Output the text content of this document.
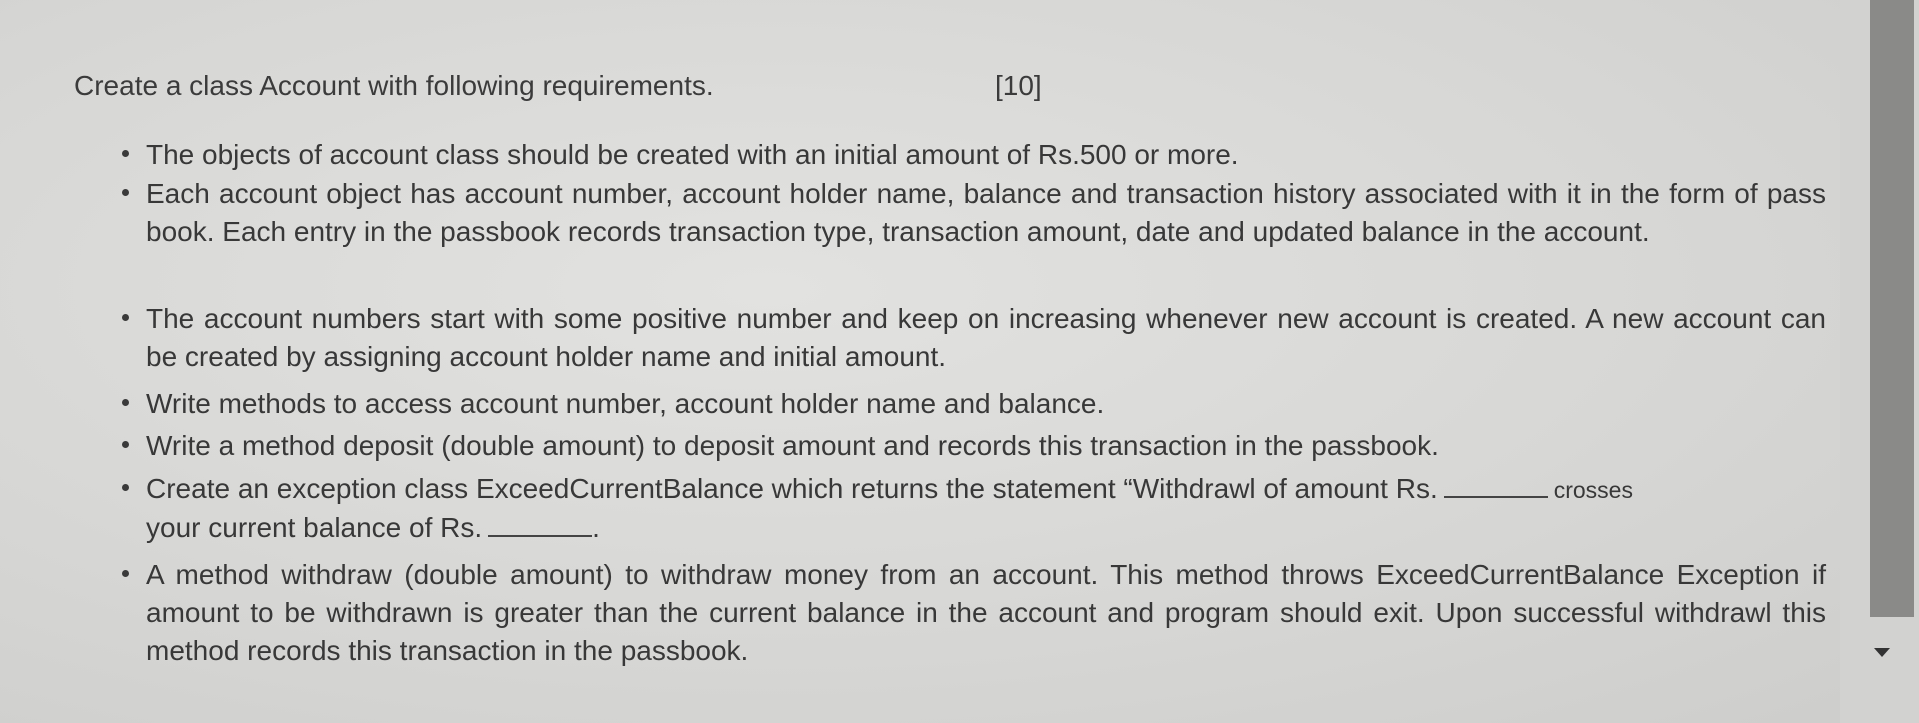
Create a class Account with following requirements.	[10]
The objects of account class should be created with an initial amount of Rs.500 or more.
Each account object has account number, account holder name, balance and transaction history associated with it in the form of pass book. Each entry in the passbook records transaction type, transaction amount, date and updated balance in the account.
The account numbers start with some positive number and keep on increasing whenever new account is created. A new account can be created by assigning account holder name and initial amount.
Write methods to access account number, account holder name and balance.
Write a method deposit (double amount) to deposit amount and records this transaction in the passbook.
Create an exception class ExceedCurrentBalance which returns the statement “Withdrawl of amount Rs.	crosses
your current balance of Rs.	.
A method withdraw (double amount) to withdraw money from an account. This method throws ExceedCurrentBalance Exception if amount to be withdrawn is greater than the current balance in the account and program should exit. Upon successful withdrawl this method records this transaction in the passbook.
